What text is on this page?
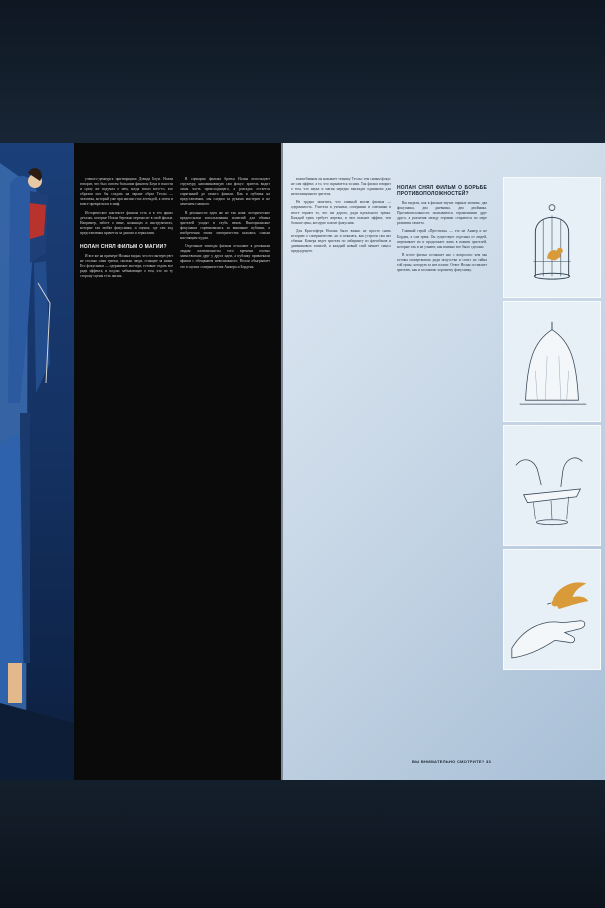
ученого-демиурга притворщика Дэвида Боуи. Нолан говорит, что был совсем большим фанатом Боуи в юности и сразу же подумал о нем, когда искал кого-то, кто образом мог бы создать на экране образ Теслы — человека, который уже при жизни стал легендой, а затем и вовсе превратился в миф.

Историческое контексте фильма есть и в тех ярких деталях, которые Нолан бережно переносит в свой фильм. Например, заботе о вине, ножницах и инструментах, которые так любят фокусники, и сценах, где сам ход представления прячется за дымом и зеркалами.

НОЛАН СНЯЛ ФИЛЬМ О МАГИИ?

И все же на примере Нолана видно, что его интересуют не столько сами трюки, сколько люди, стоящие за ними. Его фокусники — одержимые мастера, готовые отдать все ради эффекта, и подчас забывающие о том, что по ту сторону сцены есть жизнь.

В сценарии фильма братья Нолан используют структуру, напоминающую сам фокус: зритель видит лишь часть происходящего, а разгадка остается спрятанной до самого финала. Как и публика на представлении, мы следим за руками мастеров и не замечаем главного.

В реальности идея же не так нова: исторические предпосылки использования иллюзий для обмана зрителей уходят в глубь веков. Викторианские фокусники соревновались за внимание публики, а изобретения эпохи электричества казались самым настоящим чудом.

Отдельные эпизоды фильма отсылают к реальным людям: иллюзионисты того времени охотно заимствовали друг у друга идеи, а публику привлекали афиши с обещанием невозможного. Нолан обыгрывает это в сценах соперничества Анжера и Бордена.

волшебником он называет технику Теслы: тем самым фокус не сам эффект, а то, что скрывается за ним. Так фильм говорит о том, что наука и магия нередко выглядят одинаково для непосвященного зрителя.

Не трудно заметить, что главный мотив фильма — одержимость. Учителя и ученики, соперники и союзники в итоге теряют то, что им дорого, ради идеального трюка. Каждый трюк требует жертвы, и чем сильнее эффект, тем больше цена, которую платит фокусник.

Для Кристофера Нолана было важно не просто снять историю о соперничестве, но и показать, как устроен сам акт обмана. Камера ведет зрителя по лабиринту из флешбэков и дневниковых записей, и каждый новый слой меняет смысл предыдущего.

НОЛАН СНЯЛ ФИЛЬМ О БОРЬБЕ ПРОТИВОПОЛОЖНОСТЕЙ?

Вы видели, как в фильме звучат парные мотивы: два фокусника, два дневника, два двойника. Противоположности оказываются отражениями друг друга, а различия между героями стираются по мере развития сюжета.

Главный герой «Престижа» — это не Анжер и не Борден, а сам трюк. Он существует отдельно от людей, переживает их и продолжает жить в памяти зрителей, которые так и не узнают, как именно все было сделано.

В итоге фильм оставляет нас с вопросом: чем мы готовы пожертвовать ради искусства и стоит ли тайна той цены, которую за нее платят. Ответ Нолан оставляет зрителю, как и положено хорошему фокуснику.

ВЫ ВНИМАТЕЛЬНО СМОТРИТЕ? 33
